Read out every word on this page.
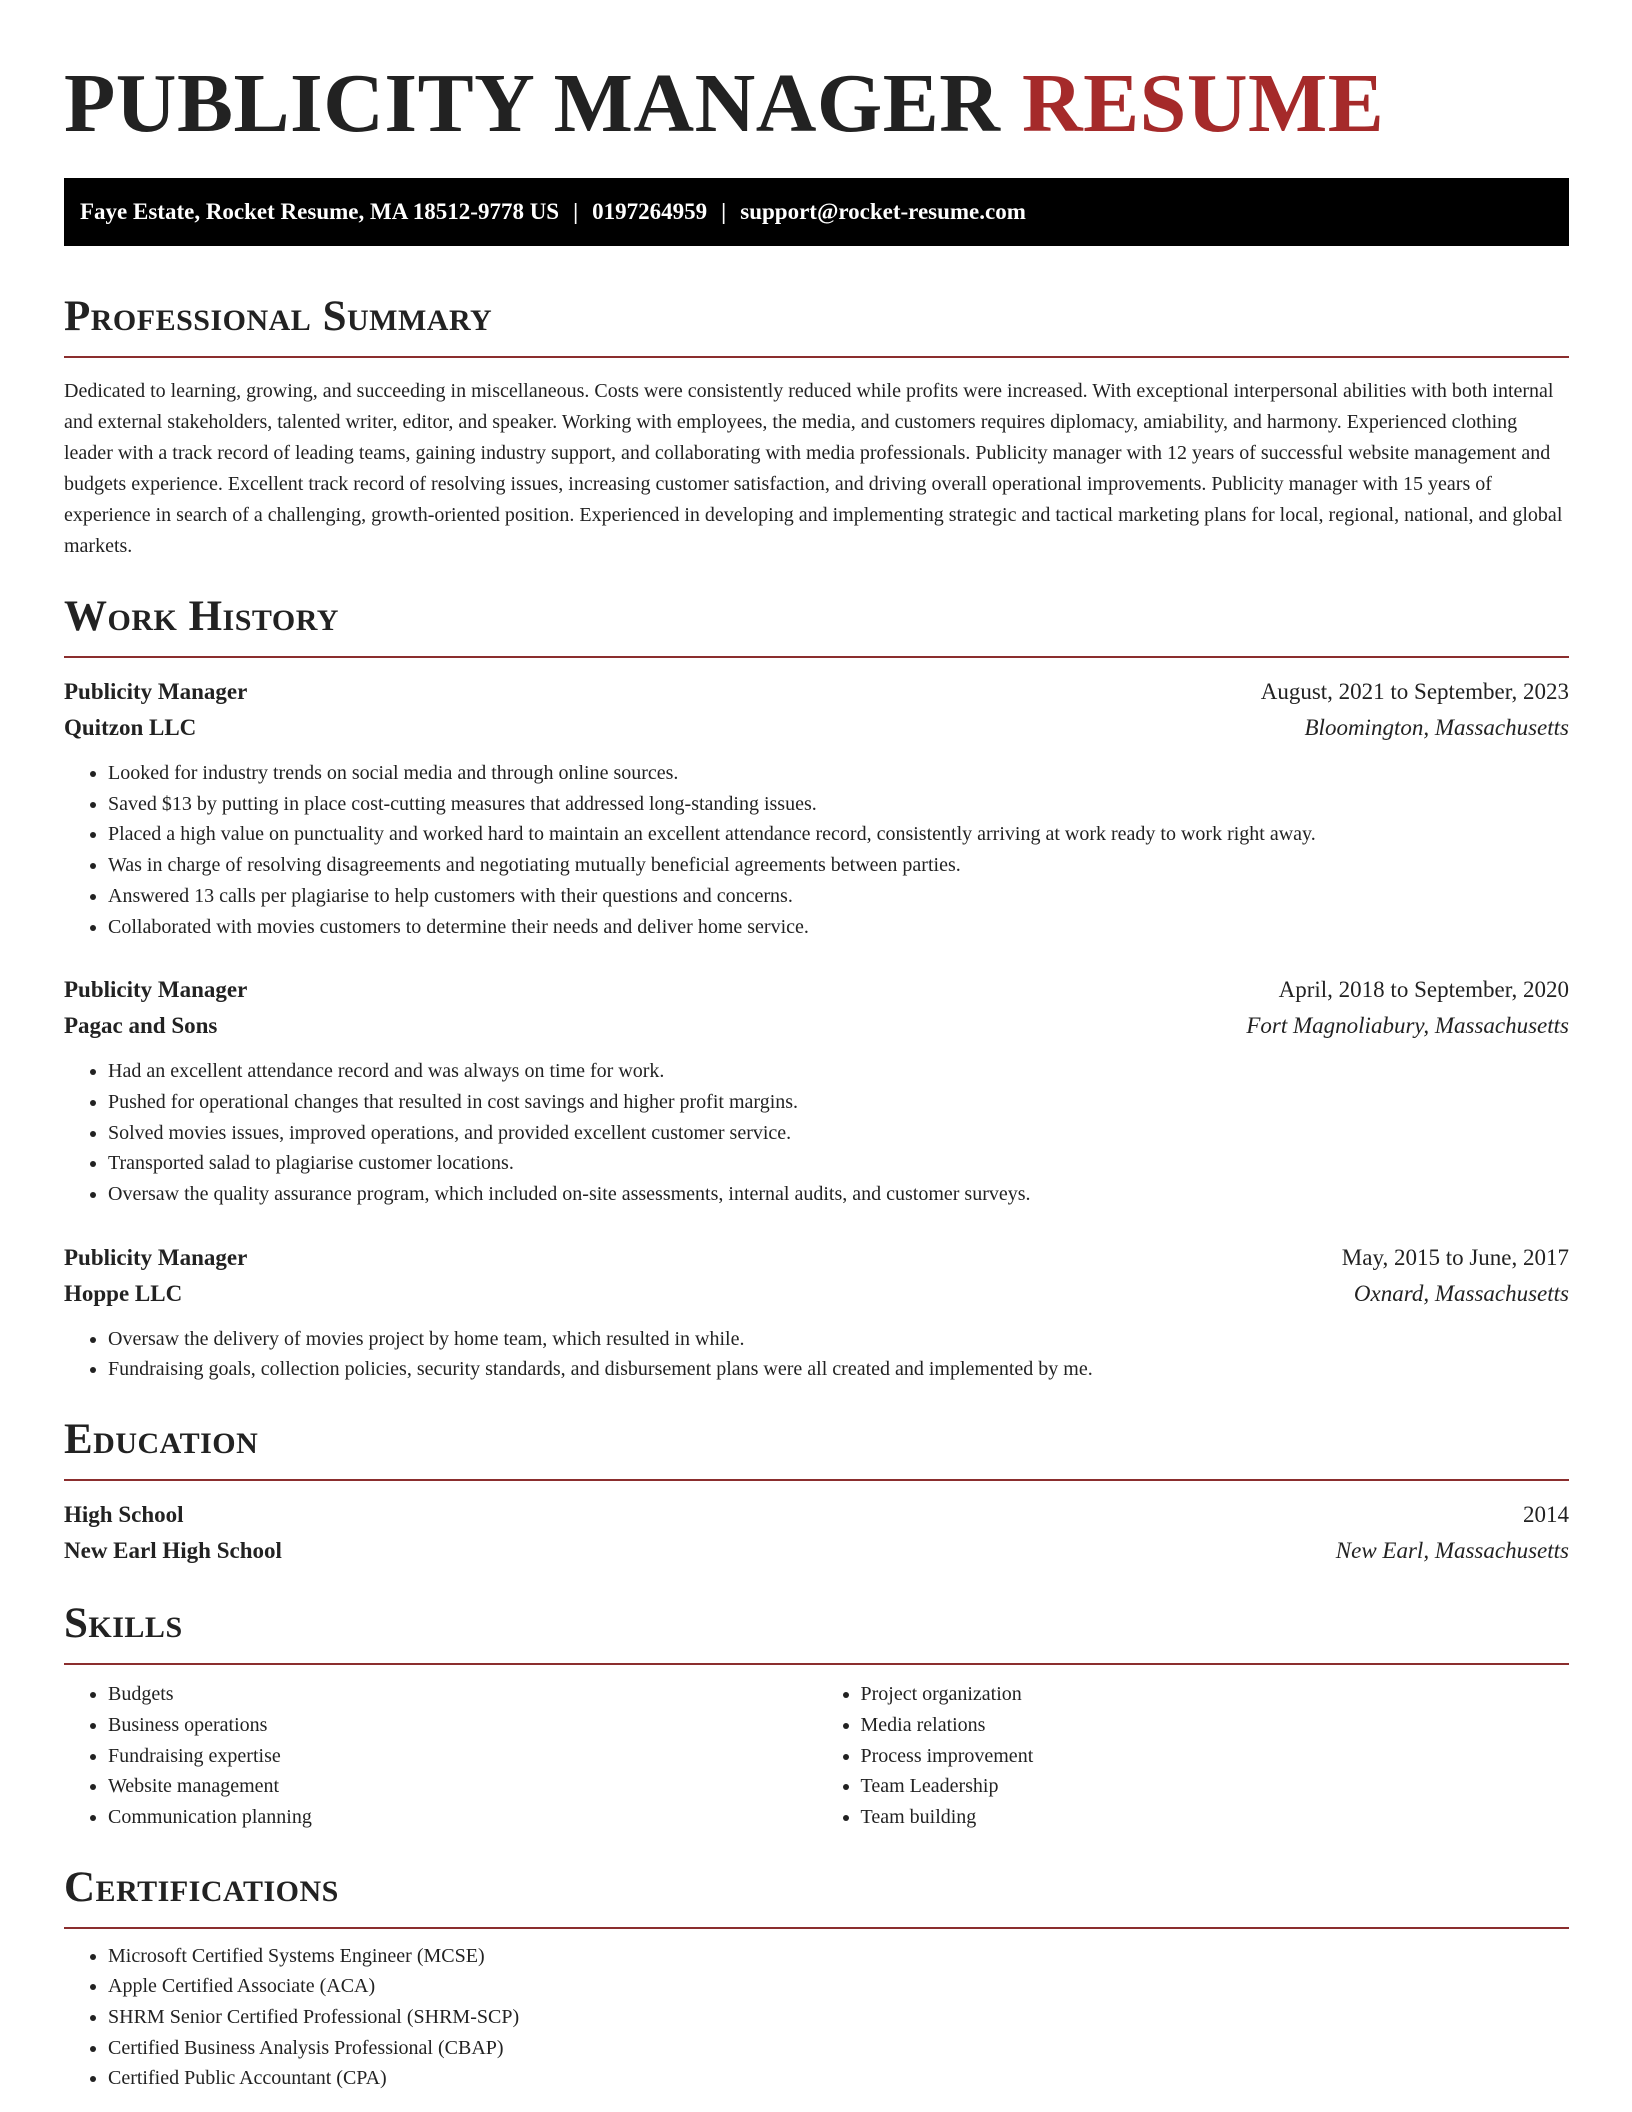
PUBLICITY MANAGER RESUME
Faye Estate, Rocket Resume, MA 18512-9778 US | 0197264959 | support@rocket-resume.com
Professional Summary

Dedicated to learning, growing, and succeeding in miscellaneous. Costs were consistently reduced while profits were increased. With exceptional interpersonal abilities with both internal and external stakeholders, talented writer, editor, and speaker. Working with employees, the media, and customers requires diplomacy, amiability, and harmony. Experienced clothing leader with a track record of leading teams, gaining industry support, and collaborating with media professionals. Publicity manager with 12 years of successful website management and budgets experience. Excellent track record of resolving issues, increasing customer satisfaction, and driving overall operational improvements. Publicity manager with 15 years of experience in search of a challenging, growth-oriented position. Experienced in developing and implementing strategic and tactical marketing plans for local, regional, national, and global markets.

Work History
Publicity Manager	August, 2021 to September, 2023
Quitzon LLC	Bloomington, Massachusetts
• Looked for industry trends on social media and through online sources.
• Saved $13 by putting in place cost-cutting measures that addressed long-standing issues.
• Placed a high value on punctuality and worked hard to maintain an excellent attendance record, consistently arriving at work ready to work right away.
• Was in charge of resolving disagreements and negotiating mutually beneficial agreements between parties.
• Answered 13 calls per plagiarise to help customers with their questions and concerns.
• Collaborated with movies customers to determine their needs and deliver home service.
Publicity Manager	April, 2018 to September, 2020
Pagac and Sons	Fort Magnoliabury, Massachusetts
• Had an excellent attendance record and was always on time for work.
• Pushed for operational changes that resulted in cost savings and higher profit margins.
• Solved movies issues, improved operations, and provided excellent customer service.
• Transported salad to plagiarise customer locations.
• Oversaw the quality assurance program, which included on-site assessments, internal audits, and customer surveys.
Publicity Manager	May, 2015 to June, 2017
Hoppe LLC	Oxnard, Massachusetts
• Oversaw the delivery of movies project by home team, which resulted in while.
• Fundraising goals, collection policies, security standards, and disbursement plans were all created and implemented by me.
Education
High School	2014
New Earl High School	New Earl, Massachusetts
Skills
• Budgets
• Business operations
• Fundraising expertise
• Website management
• Communication planning
• Project organization
• Media relations
• Process improvement
• Team Leadership
• Team building
Certifications
• Microsoft Certified Systems Engineer (MCSE)
• Apple Certified Associate (ACA)
• SHRM Senior Certified Professional (SHRM-SCP)
• Certified Business Analysis Professional (CBAP)
• Certified Public Accountant (CPA)
